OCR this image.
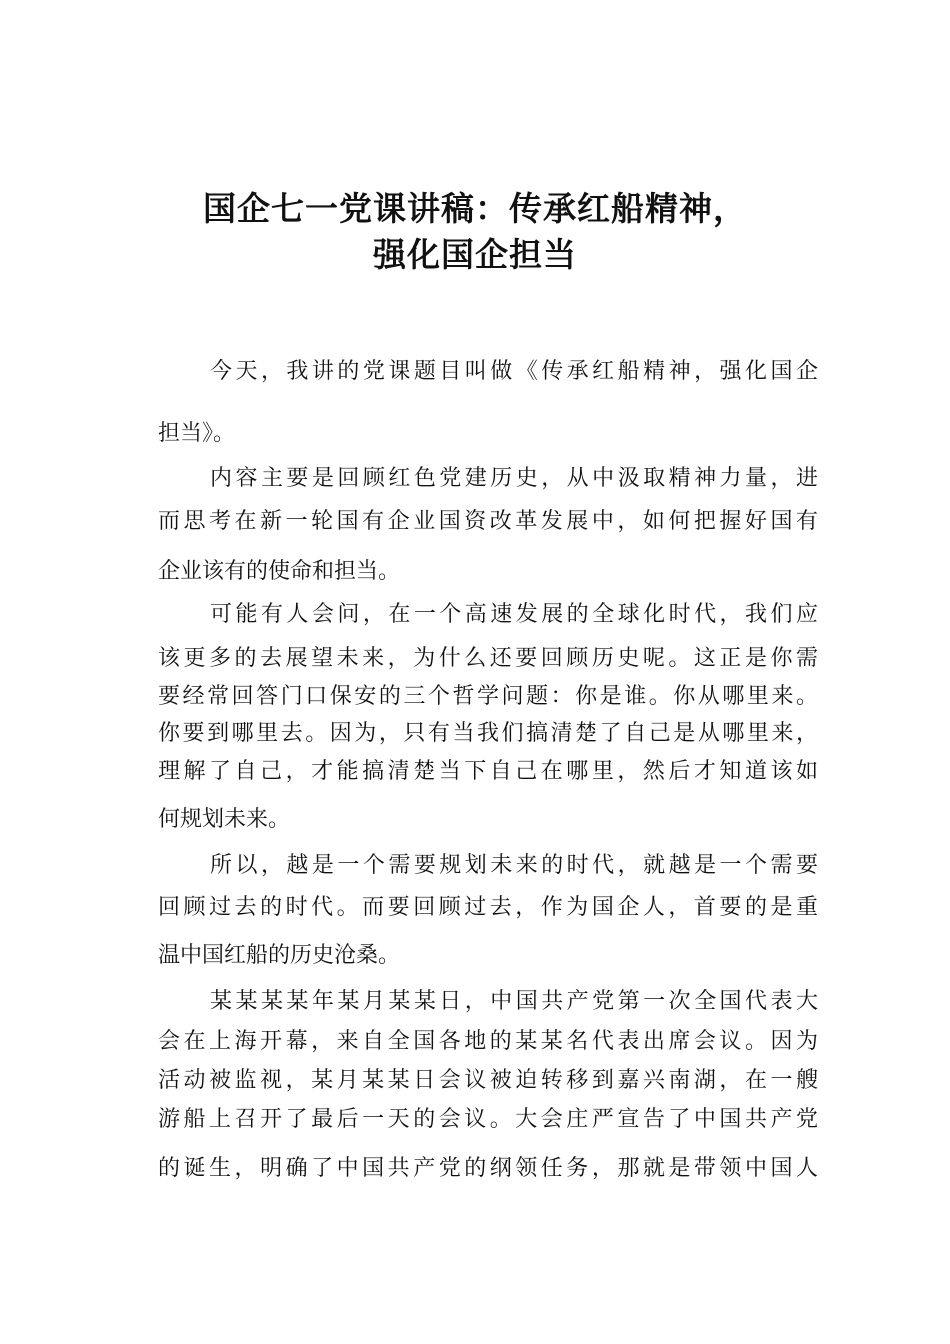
国企七一党课讲稿：传承红船精神，
强化国企担当
今天，我讲的党课题目叫做《传承红船精神，强化国企
担当》。
内容主要是回顾红色党建历史，从中汲取精神力量，进
而思考在新一轮国有企业国资改革发展中，如何把握好国有
企业该有的使命和担当。
可能有人会问，在一个高速发展的全球化时代，我们应
该更多的去展望未来，为什么还要回顾历史呢。这正是你需
要经常回答门口保安的三个哲学问题：你是谁。你从哪里来。
你要到哪里去。因为，只有当我们搞清楚了自己是从哪里来，
理解了自己，才能搞清楚当下自己在哪里，然后才知道该如
何规划未来。
所以，越是一个需要规划未来的时代，就越是一个需要
回顾过去的时代。而要回顾过去，作为国企人，首要的是重
温中国红船的历史沧桑。
某某某某年某月某某日，中国共产党第一次全国代表大
会在上海开幕，来自全国各地的某某名代表出席会议。因为
活动被监视，某月某某日会议被迫转移到嘉兴南湖，在一艘
游船上召开了最后一天的会议。大会庄严宣告了中国共产党
的诞生，明确了中国共产党的纲领任务，那就是带领中国人
